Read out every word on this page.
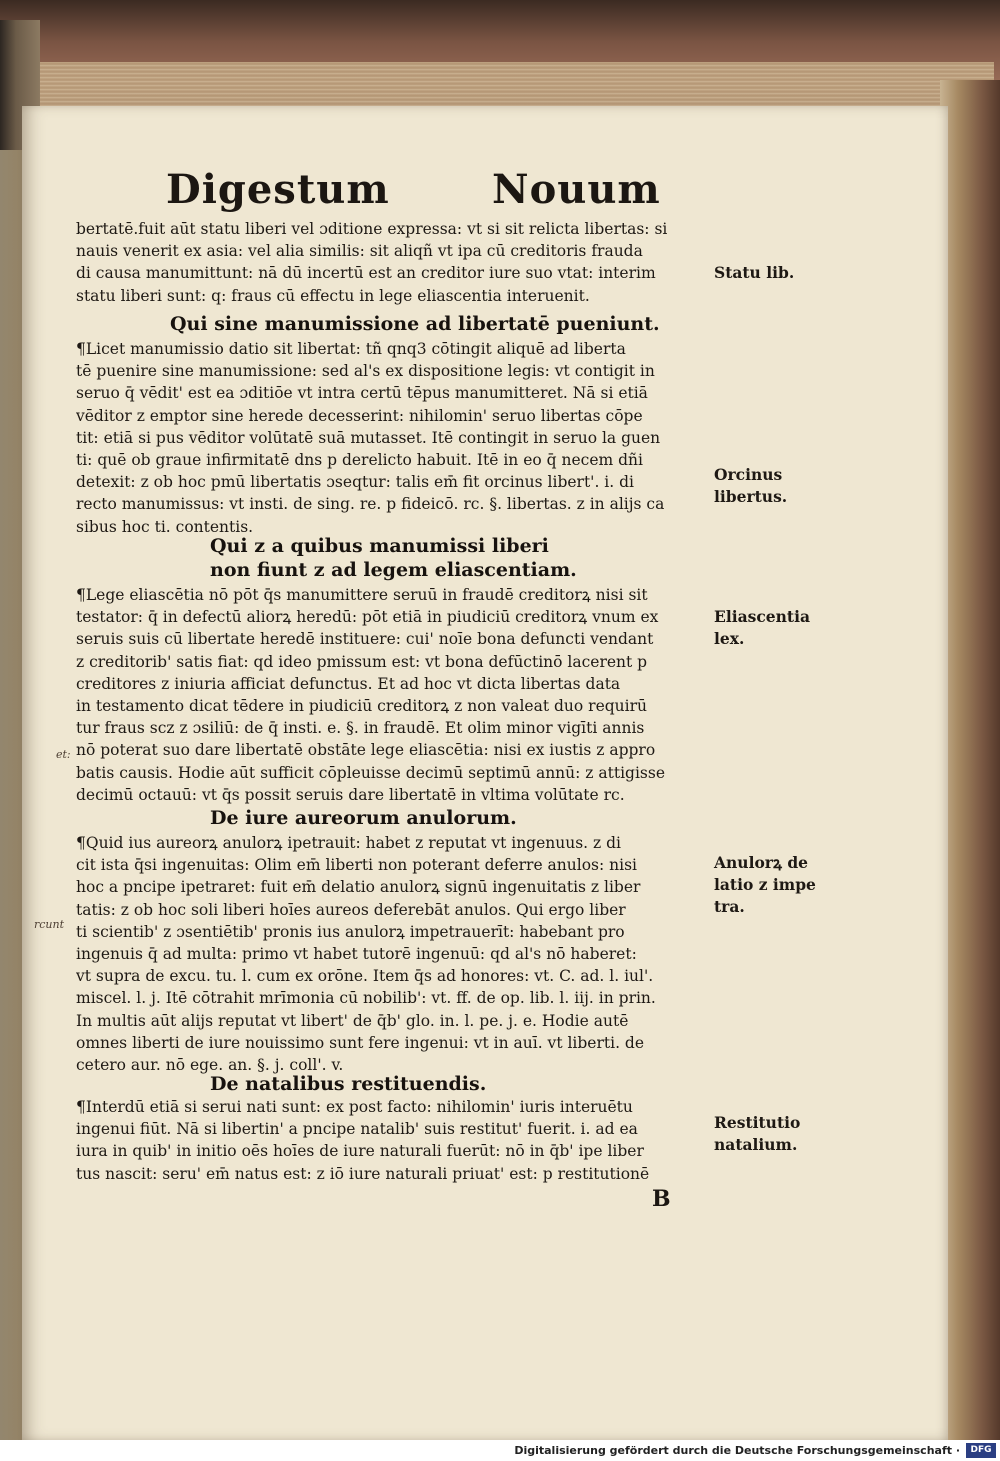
Digestum	Nouum
bertatē.fuit aūt statu liberi vel ɔditione expressa: vt si sit relicta libertas: si
nauis venerit ex asia: vel alia similis: sit aliqñ vt ipa cū creditoris frauda
di causa manumittunt: nā dū incertū est an creditor iure suo vtat: interim
statu liberi sunt: q: fraus cū effectu in lege eliascentia interuenit.
Qui sine manumissione ad libertatē pueniunt.
¶Licet manumissio datio sit libertat: tñ qnq3 cōtingit aliquē ad liberta
tē puenire sine manumissione: sed al's ex dispositione legis: vt contigit in
seruo q̄ vēdit' est ea ɔditiōe vt intra certū tēpus manumitteret. Nā si etiā
vēditor z emptor sine herede decesserint: nihilomin' seruo libertas cōpe
tit: etiā si pus vēditor volūtatē suā mutasset. Itē contingit in seruo la guen
ti: quē ob graue infirmitatē dns p derelicto habuit. Itē in eo q̄ necem dñi
detexit: z ob hoc pmū libertatis ɔseqtur: talis em̄ fit orcinus libert'. i. di
recto manumissus: vt insti. de sing. re. p fideicō. rc. §. libertas. z in alijs ca
sibus hoc ti. contentis.
Qui z a quibus manumissi liberi
non fiunt z ad legem eliascentiam.
¶Lege eliascētia nō pōt q̄s manumittere seruū in fraudē creditorꝝ nisi sit
testator: q̄ in defectū aliorꝝ heredū: pōt etiā in piudiciū creditorꝝ vnum ex
seruis suis cū libertate heredē instituere: cui' noīe bona defuncti vendant
z creditorib' satis fiat: qd ideo pmissum est: vt bona defūctinō lacerent p
creditores z iniuria afficiat defunctus. Et ad hoc vt dicta libertas data
in testamento dicat tēdere in piudiciū creditorꝝ z non valeat duo requirū
tur fraus scz z ɔsiliū: de q̄ insti. e. §. in fraudē. Et olim minor vigīti annis
nō poterat suo dare libertatē obstāte lege eliascētia: nisi ex iustis z appro
batis causis. Hodie aūt sufficit cōpleuisse decimū septimū annū: z attigisse
decimū octauū: vt q̄s possit seruis dare libertatē in vltima volūtate rc.
De iure aureorum anulorum.
¶Quid ius aureorꝝ anulorꝝ ipetrauit: habet z reputat vt ingenuus. z di
cit ista q̄si ingenuitas: Olim em̄ liberti non poterant deferre anulos: nisi
hoc a pncipe ipetraret: fuit em̄ delatio anulorꝝ signū ingenuitatis z liber
tatis: z ob hoc soli liberi hoīes aureos deferebāt anulos. Qui ergo liber
ti scientib' z ɔsentiētib' pronis ius anulorꝝ impetrauerīt: habebant pro
ingenuis q̄ ad multa: primo vt habet tutorē ingenuū: qd al's nō haberet:
vt supra de excu. tu. l. cum ex orōne. Item q̄s ad honores: vt. C. ad. l. iul'.
miscel. l. j. Itē cōtrahit mrīmonia cū nobilib': vt. ff. de op. lib. l. iij. in prin.
In multis aūt alijs reputat vt libert' de q̄b' glo. in. l. pe. j. e. Hodie autē
omnes liberti de iure nouissimo sunt fere ingenui: vt in auī. vt liberti. de
cetero aur. nō ege. an. §. j. coll'. v.
De natalibus restituendis.
¶Interdū etiā si serui nati sunt: ex post facto: nihilomin' iuris interuētu
ingenui fiūt. Nā si libertin' a pncipe natalib' suis restitut' fuerit. i. ad ea
iura in quib' in initio oēs hoīes de iure naturali fuerūt: nō in q̄b' ipe liber
tus nascit: seru' em̄ natus est: z iō iure naturali priuat' est: p restitutionē
Statu lib.
Orcinus libertus.
Eliascentia lex.
Anulorꝝ de latio z impe tra.
Restitutio natalium.
et:
rcunt
B
Digitalisierung gefördert durch die Deutsche Forschungsgemeinschaft ·	DFG
